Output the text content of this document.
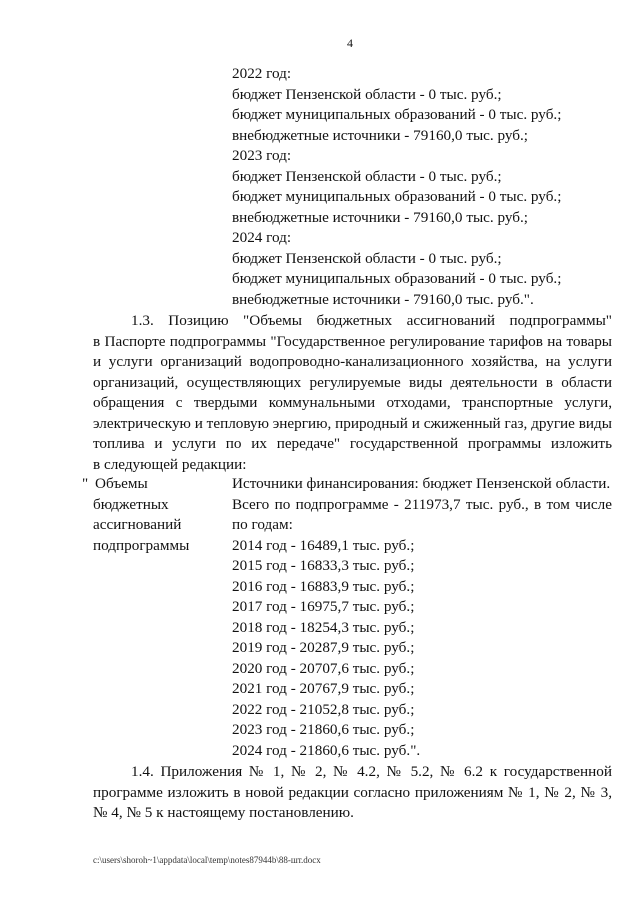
4
2022 год:
бюджет Пензенской области - 0 тыс. руб.;
бюджет муниципальных образований - 0 тыс. руб.;
внебюджетные источники - 79160,0 тыс. руб.;
2023 год:
бюджет Пензенской области - 0 тыс. руб.;
бюджет муниципальных образований - 0 тыс. руб.;
внебюджетные источники - 79160,0 тыс. руб.;
2024 год:
бюджет Пензенской области - 0 тыс. руб.;
бюджет муниципальных образований - 0 тыс. руб.;
внебюджетные источники - 79160,0 тыс. руб.".
1.3. Позицию "Объемы бюджетных ассигнований подпрограммы"
в Паспорте подпрограммы "Государственное регулирование тарифов на товары
и услуги организаций водопроводно-канализационного хозяйства, на услуги
организаций, осуществляющих регулируемые виды деятельности в области
обращения с твердыми коммунальными отходами, транспортные услуги,
электрическую и тепловую энергию, природный и сжиженный газ, другие виды
топлива и услуги по их передаче" государственной программы изложить
в следующей редакции:
" Объемы
бюджетных
ассигнований
подпрограммы
Источники финансирования: бюджет Пензенской области.
Всего по подпрограмме - 211973,7 тыс. руб., в том числе
по годам:
2014 год - 16489,1 тыс. руб.;
2015 год - 16833,3 тыс. руб.;
2016 год - 16883,9 тыс. руб.;
2017 год - 16975,7 тыс. руб.;
2018 год - 18254,3 тыс. руб.;
2019 год - 20287,9 тыс. руб.;
2020 год - 20707,6 тыс. руб.;
2021 год - 20767,9 тыс. руб.;
2022 год - 21052,8 тыс. руб.;
2023 год - 21860,6 тыс. руб.;
2024 год - 21860,6 тыс. руб.".
1.4. Приложения № 1, № 2, № 4.2, № 5.2, № 6.2 к государственной
программе изложить в новой редакции согласно приложениям № 1, № 2, № 3,
№ 4, № 5 к настоящему постановлению.
c:\users\shoroh~1\appdata\local\temp\notes87944b\88-шт.docx
